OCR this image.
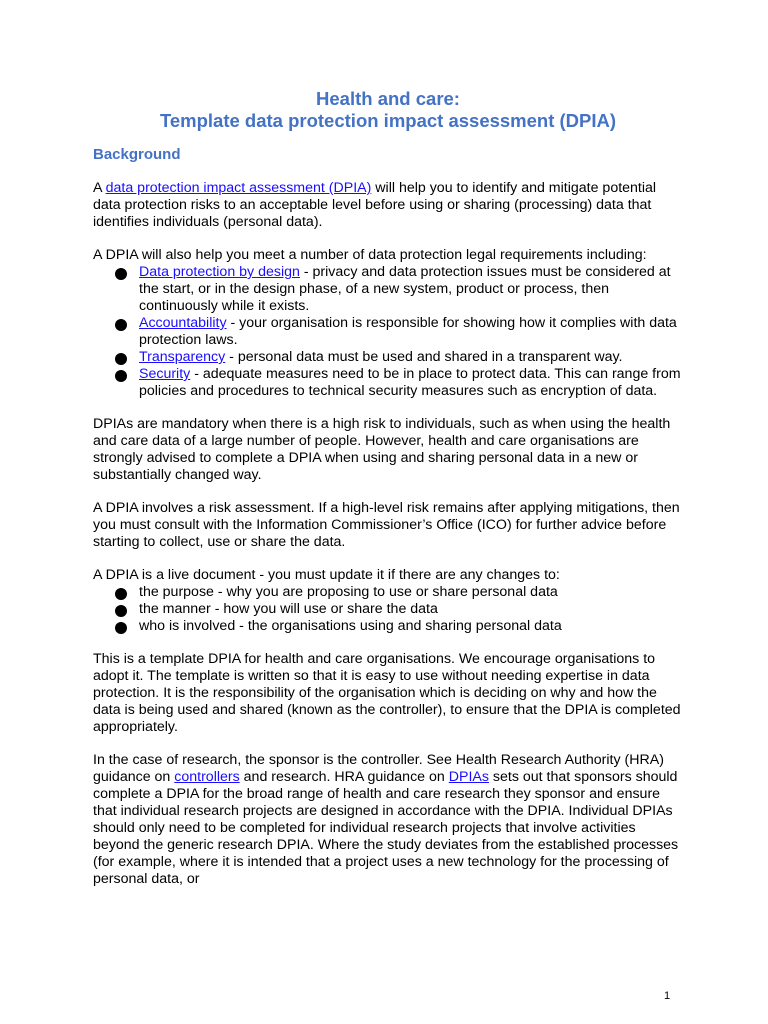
Health and care:
Template data protection impact assessment (DPIA)
Background

A data protection impact assessment (DPIA) will help you to identify and mitigate potential data protection risks to an acceptable level before using or sharing (processing) data that identifies individuals (personal data).

A DPIA will also help you meet a number of data protection legal requirements including:

Data protection by design - privacy and data protection issues must be considered at the start, or in the design phase, of a new system, product or process, then continuously while it exists.
Accountability - your organisation is responsible for showing how it complies with data protection laws.
Transparency - personal data must be used and shared in a transparent way.
Security - adequate measures need to be in place to protect data. This can range from policies and procedures to technical security measures such as encryption of data.

DPIAs are mandatory when there is a high risk to individuals, such as when using the health and care data of a large number of people. However, health and care organisations are strongly advised to complete a DPIA when using and sharing personal data in a new or substantially changed way.

A DPIA involves a risk assessment. If a high-level risk remains after applying mitigations, then you must consult with the Information Commissioner’s Office (ICO) for further advice before starting to collect, use or share the data.

A DPIA is a live document - you must update it if there are any changes to:

the purpose - why you are proposing to use or share personal data
the manner - how you will use or share the data
who is involved - the organisations using and sharing personal data

This is a template DPIA for health and care organisations. We encourage organisations to adopt it. The template is written so that it is easy to use without needing expertise in data protection. It is the responsibility of the organisation which is deciding on why and how the data is being used and shared (known as the controller), to ensure that the DPIA is completed appropriately.

In the case of research, the sponsor is the controller. See Health Research Authority (HRA) guidance on controllers and research. HRA guidance on DPIAs sets out that sponsors should complete a DPIA for the broad range of health and care research they sponsor and ensure that individual research projects are designed in accordance with the DPIA. Individual DPIAs should only need to be completed for individual research projects that involve activities beyond the generic research DPIA. Where the study deviates from the established processes (for example, where it is intended that a project uses a new technology for the processing of personal data, or

1
